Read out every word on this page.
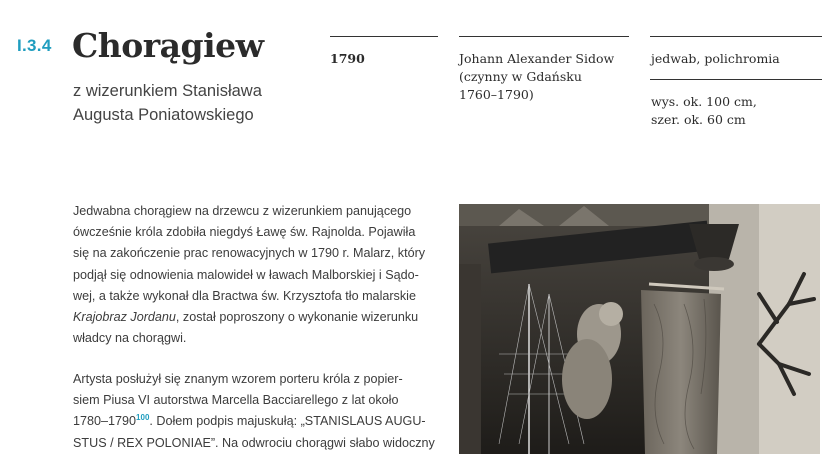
I.3.4 Chorągiew
z wizerunkiem Stanisława
Augusta Poniatowskiego
1790	Johann Alexander Sidow
(czynny w Gdańsku
1760–1790)
jedwab, polichromia
wys. ok. 100 cm,
szer. ok. 60 cm
Jedwabna chorągiew na drzewcu z wizerunkiem panującego
ówcześnie króla zdobiła niegdyś Ławę św. Rajnolda. Pojawiła
się na zakończenie prac renowacyjnych w 1790 r. Malarz, który
podjął się odnowienia malowideł w ławach Malborskiej i Sądo-
wej, a także wykonał dla Bractwa św. Krzysztofa tło malarskie
Krajobraz Jordanu, został poproszony o wykonanie wizerunku
władcy na chorągwi.
Artysta posłużył się znanym wzorem porteru króla z popier-
siem Piusa VI autorstwa Marcella Bacciarellego z lat około
1780–1790$^{100}$. Dołem podpis majuskułą: „STANISLAUS AUGU-
STUS / REX POLONIAE”. Na odwrociu chorągwi słabo widoczny
